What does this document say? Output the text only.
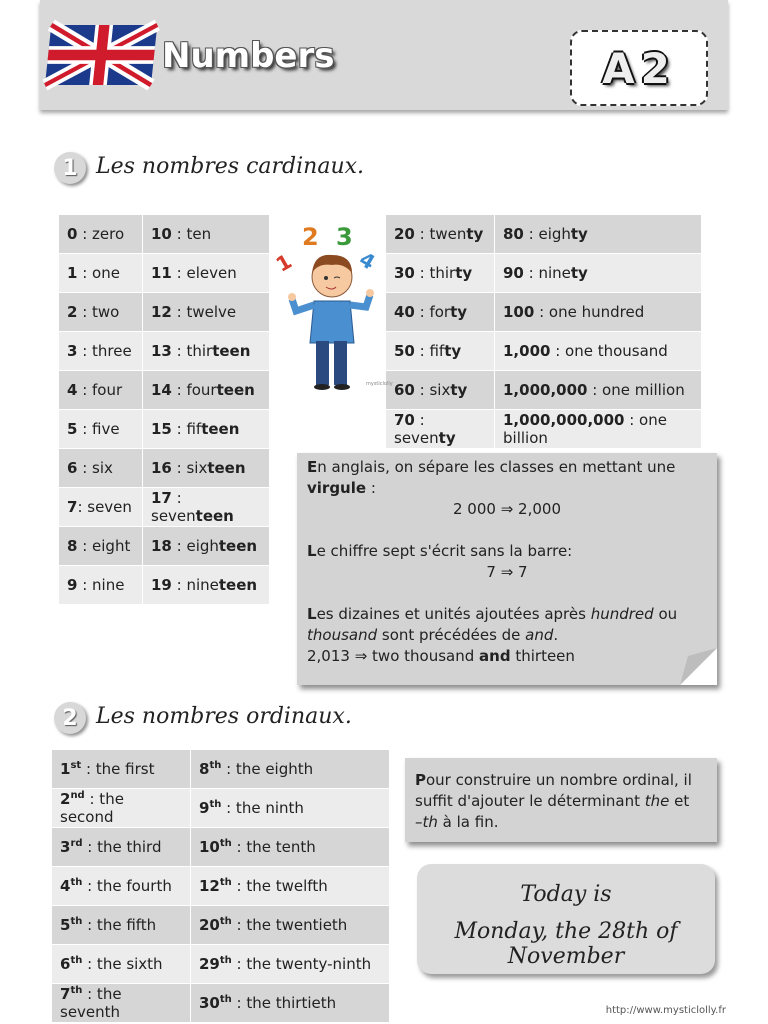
Numbers	A2
1 Les nombres cardinaux.
0 : zero	10 : ten
1 : one	11 : eleven
2 : two	12 : twelve
3 : three	13 : thirteen
4 : four	14 : fourteen
5 : five	15 : fifteen
6 : six	16 : sixteen
7: seven	17 : seventeen
8 : eight	18 : eighteen
9 : nine	19 : nineteen
20 : twenty	80 : eighty
30 : thirty	90 : ninety
40 : forty	100 : one hundred
50 : fifty	1,000 : one thousand
60 : sixty	1,000,000 : one million
70 : seventy	1,000,000,000 : one billion
1
2 3
4
mysticlolly

En anglais, on sépare les classes en mettant une

virgule :

2 000 ⇒ 2,000

Le chiffre sept s'écrit sans la barre:

7 ⇒ 7

Les dizaines et unités ajoutées après hundred ou

thousand sont précédées de and.

2,013 ⇒ two thousand and thirteen

2 Les nombres ordinaux.
1st : the first	8th : the eighth
2nd : the second	9th : the ninth
3rd : the third	10th : the tenth
4th : the fourth	12th : the twelfth
5th : the fifth	20th : the twentieth
6th : the sixth	29th : the twenty-ninth
7th : the seventh	30th : the thirtieth

Pour construire un nombre ordinal, il

suffit d'ajouter le déterminant the et

–th à la fin.

Today is
Monday, the 28th of November
http://www.mysticlolly.fr
